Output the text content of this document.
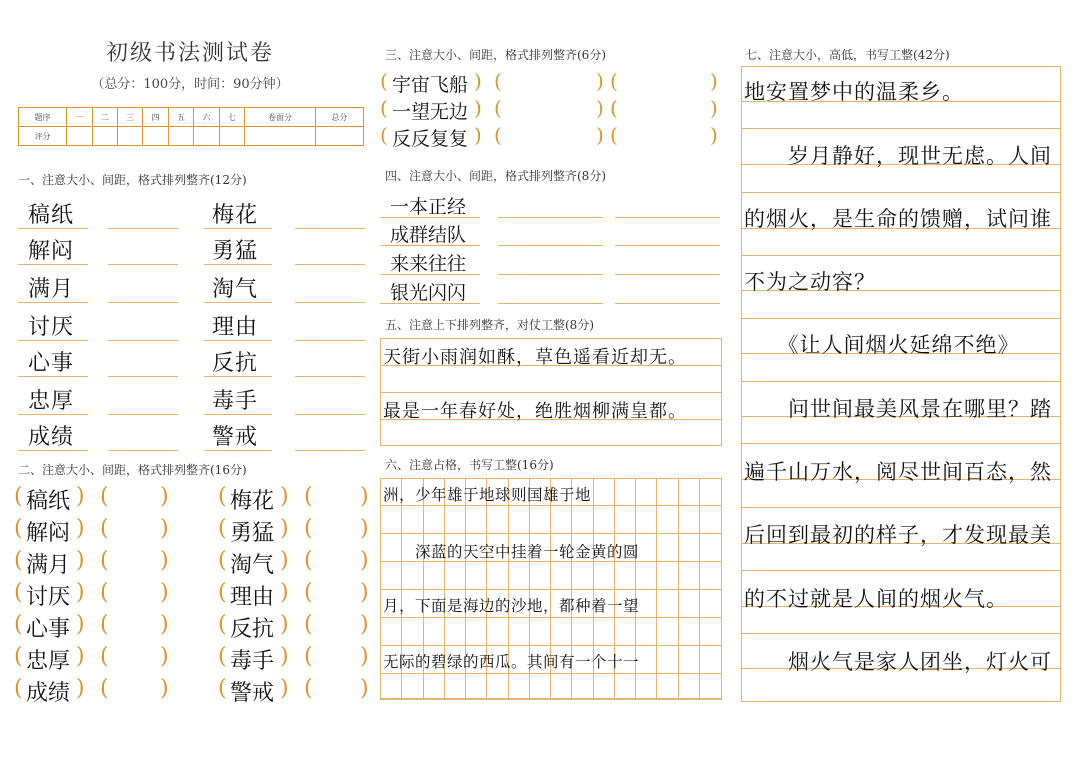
初级书法测试卷
（总分：100分，时间：90分钟）
题序	一	二	三	四	五	六	七	卷面分	总分
评分									
一、注意大小、间距，格式排列整齐(12分)
稿纸	梅花
解闷	勇猛
满月	淘气
讨厌	理由
心事	反抗
忠厚	毒手
成绩	警戒
二、注意大小、间距，格式排列整齐(16分)
( 稿纸 ) ( ) ( 梅花 ) ( )
( 解闷 ) ( ) ( 勇猛 ) ( )
( 满月 ) ( ) ( 淘气 ) ( )
( 讨厌 ) ( ) ( 理由 ) ( )
( 心事 ) ( ) ( 反抗 ) ( )
( 忠厚 ) ( ) ( 毒手 ) ( )
( 成绩 ) ( ) ( 警戒 ) ( )
三、注意大小、间距，格式排列整齐(6分)
( 宇宙飞船 ) (	) (	)
( 一望无边 ) (	) (	)
( 反反复复 ) (	) (	)
四、注意大小、间距，格式排列整齐(8分)
一本正经
成群结队
来来往往
银光闪闪
五、注意上下排列整齐，对仗工整(8分)
天街小雨润如酥，草色遥看近却无。
最是一年春好处，绝胜烟柳满皇都。
六、注意占格，书写工整(16分)
洲，少年雄于地球则国雄于地
　　深蓝的天空中挂着一轮金黄的圆
月，下面是海边的沙地，都种着一望
无际的碧绿的西瓜。其间有一个十一
七、注意大小，高低，书写工整(42分)
地安置梦中的温柔乡。
　　岁月静好，现世无虑。人间
的烟火，是生命的馈赠，试问谁
不为之动容？
　　《让人间烟火延绵不绝》
　　问世间最美风景在哪里？踏
遍千山万水，阅尽世间百态，然
后回到最初的样子，才发现最美
的不过就是人间的烟火气。
　　烟火气是家人团坐，灯火可
